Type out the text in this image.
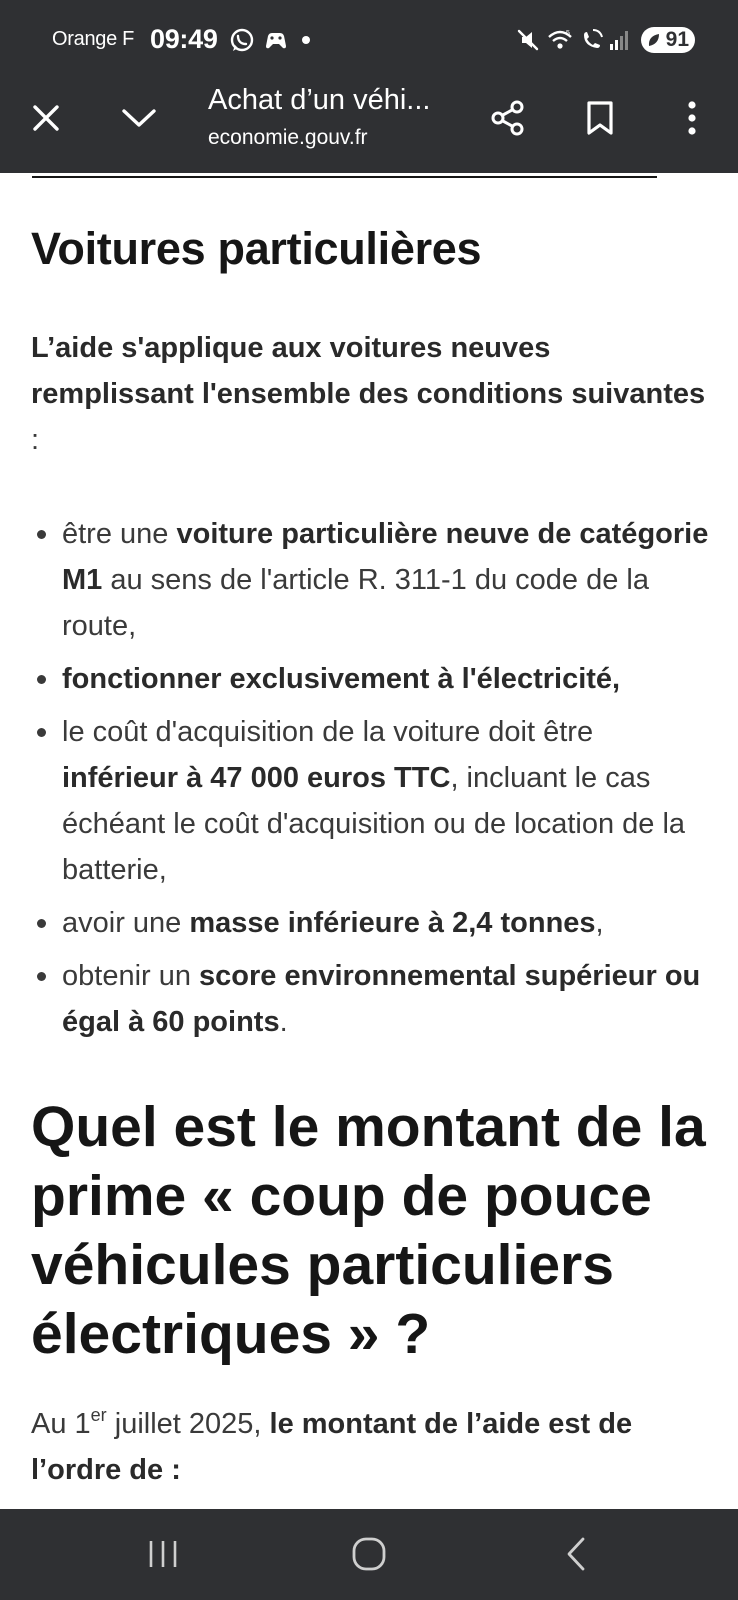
Orange F 09:49	5	91
Achat d’un véhi...
economie.gouv.fr
Voitures particulières

L’aide s'applique aux voitures neuves remplissant l'ensemble des conditions suivantes :

être une voiture particulière neuve de catégorie M1 au sens de l'article R. 311-1 du code de la route,
fonctionner exclusivement à l'électricité,
le coût d'acquisition de la voiture doit être inférieur à 47 000 euros TTC, incluant le cas échéant le coût d'acquisition ou de location de la batterie,
avoir une masse inférieure à 2,4 tonnes,
obtenir un score environnemental supérieur ou égal à 60 points.
Quel est le montant de la prime « coup de pouce véhicules particuliers électriques » ?

Au 1er juillet 2025, le montant de l’aide est de l’ordre de :
